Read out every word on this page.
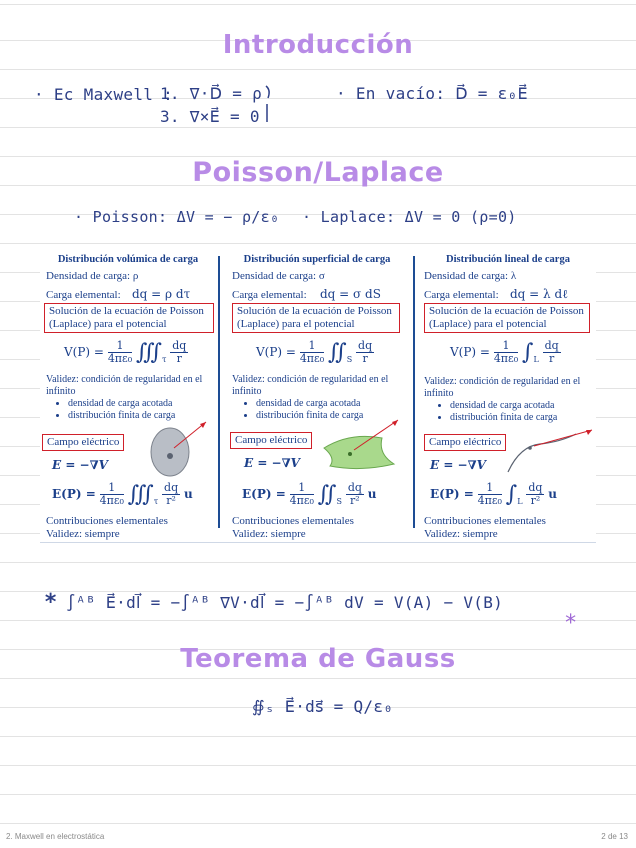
Introducción
Poisson/Laplace
Teorema de Gauss
· Ec Maxwell :
1. ∇·D⃗ = ρ
3. ∇×E⃗ = 0
· En vacío: D⃗ = ε₀E⃗
· Poisson: ΔV = − ρ/ε₀ · Laplace: ΔV = 0 (ρ=0)
Distribución volúmica de carga
Densidad de carga: ρ
Carga elemental: dq = ρ dτ
Solución de la ecuación de Poisson
(Laplace) para el potencial
$V(P) = \frac{1}{\text{4πε₀}}$ $∭_\tau \frac{dq}{r}$
Validez: condición de regularidad en el
infinito
• densidad de carga acotada
• distribución finita de carga
Campo eléctrico
E = −∇V
$E(P) = \frac{1}{\text{4πε₀}}$ $∭_\tau \frac{dq}{\text{r²}}$ u
Contribuciones elementales
Validez: siempre
Distribución superficial de carga
Densidad de carga: σ
Carga elemental: dq = σ dS
Solución de la ecuación de Poisson
(Laplace) para el potencial
$V(P) = \frac{1}{\text{4πε₀}}$ $∬_S \frac{dq}{r}$
Validez: condición de regularidad en el
infinito
• densidad de carga acotada
• distribución finita de carga
Campo eléctrico
E = −∇V
$E(P) = \frac{1}{\text{4πε₀}}$ $∬_S \frac{dq}{\text{r²}}$ u
Contribuciones elementales
Validez: siempre
Distribución lineal de carga
Densidad de carga: λ
Carga elemental: dq = λ dℓ
Solución de la ecuación de Poisson
(Laplace) para el potencial
$V(P) = \frac{1}{\text{4πε₀}} \int_L \frac{dq}{r}$
Validez: condición de regularidad en el
infinito
• densidad de carga acotada
• distribución finita de carga
Campo eléctrico
E = −∇V
$E(P) = \frac{1}{\text{4πε₀}} \int_L \frac{dq}{\text{r²}}$ u
Contribuciones elementales
Validez: siempre
* ∫ᴬᴮ E⃗·dl⃗ = −∫ᴬᴮ ∇V·dl⃗ = −∫ᴬᴮ dV = V(A) − V(B)
*
∯ₛ E⃗·ds⃗ = Q/ε₀
2. Maxwell en electrostática	2 de 13
